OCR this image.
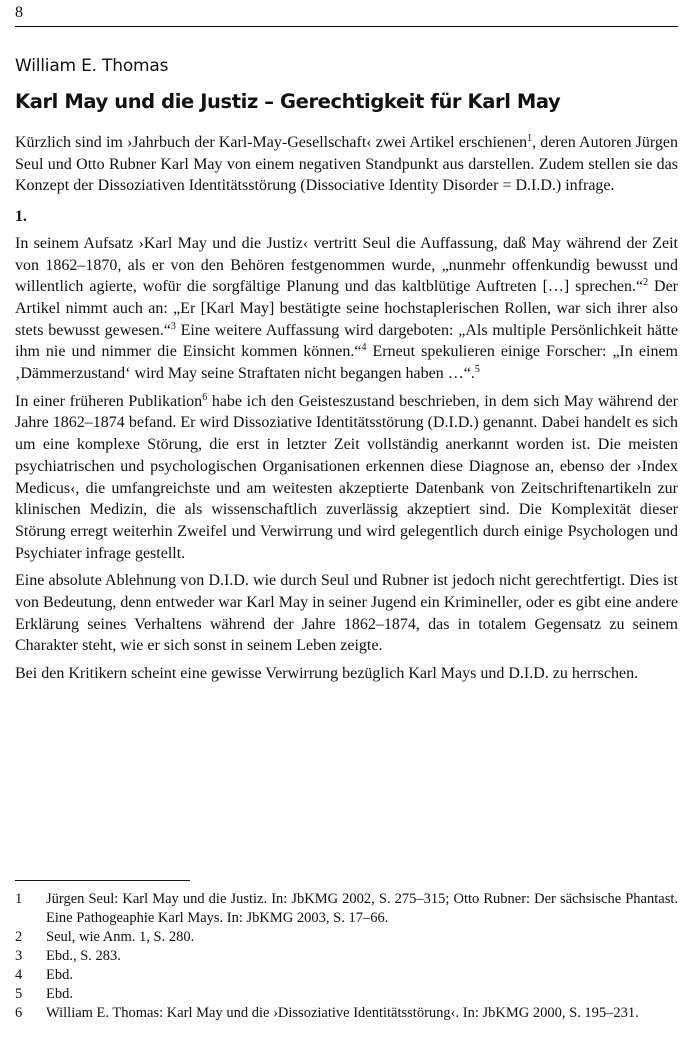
8
William E. Thomas
Karl May und die Justiz – Gerechtigkeit für Karl May

Kürzlich sind im ›Jahrbuch der Karl-May-Gesellschaft‹ zwei Artikel erschienen$^1$, deren Autoren Jürgen Seul und Otto Rubner Karl May von einem negativen Standpunkt aus darstellen. Zudem stellen sie das Konzept der Dissoziativen Identitätsstörung (Dissociative Identity Disorder = D.I.D.) infrage.

1.

In seinem Aufsatz ›Karl May und die Justiz‹ vertritt Seul die Auffassung, daß May während der Zeit von 1862–1870, als er von den Behören festgenommen wurde, „nunmehr offenkundig bewusst und willentlich agierte, wofür die sorgfältige Planung und das kaltblütige Auftreten […] sprechen.“$^2$ Der Artikel nimmt auch an: „Er [Karl May] bestätigte seine hochstaplerischen Rollen, war sich ihrer also stets bewusst gewesen.“$^3$ Eine weitere Auffassung wird dargeboten: „Als multiple Persönlichkeit hätte ihm nie und nimmer die Einsicht kommen können.“$^4$ Erneut spekulieren einige Forscher: „In einem ‚Dämmerzustand‘ wird May seine Straftaten nicht begangen haben …“.$^5$

In einer früheren Publikation$^6$ habe ich den Geisteszustand beschrieben, in dem sich May während der Jahre 1862–1874 befand. Er wird Dissoziative Identitätsstörung (D.I.D.) genannt. Dabei handelt es sich um eine komplexe Störung, die erst in letzter Zeit vollständig anerkannt worden ist. Die meisten psychiatrischen und psychologischen Organisationen erkennen diese Diagnose an, ebenso der ›Index Medicus‹, die umfangreichste und am weitesten akzeptierte Datenbank von Zeitschriftenartikeln zur klinischen Medizin, die als wissenschaftlich zuverlässig akzeptiert sind. Die Komplexität dieser Störung erregt weiterhin Zweifel und Verwirrung und wird gelegentlich durch einige Psychologen und Psychiater infrage gestellt.

Eine absolute Ablehnung von D.I.D. wie durch Seul und Rubner ist jedoch nicht gerechtfertigt. Dies ist von Bedeutung, denn entweder war Karl May in seiner Jugend ein Krimineller, oder es gibt eine andere Erklärung seines Verhaltens während der Jahre 1862–1874, das in totalem Gegensatz zu seinem Charakter steht, wie er sich sonst in seinem Leben zeigte.

Bei den Kritikern scheint eine gewisse Verwirrung bezüglich Karl Mays und D.I.D. zu herrschen.

1	Jürgen Seul: Karl May und die Justiz. In: JbKMG 2002, S. 275–315; Otto Rubner: Der sächsische Phantast. Eine Pathogeaphie Karl Mays. In: JbKMG 2003, S. 17–66.
2	Seul, wie Anm. 1, S. 280.
3	Ebd., S. 283.
4	Ebd.
5	Ebd.
6	William E. Thomas: Karl May und die ›Dissoziative Identitätsstörung‹. In: JbKMG 2000, S. 195–231.
